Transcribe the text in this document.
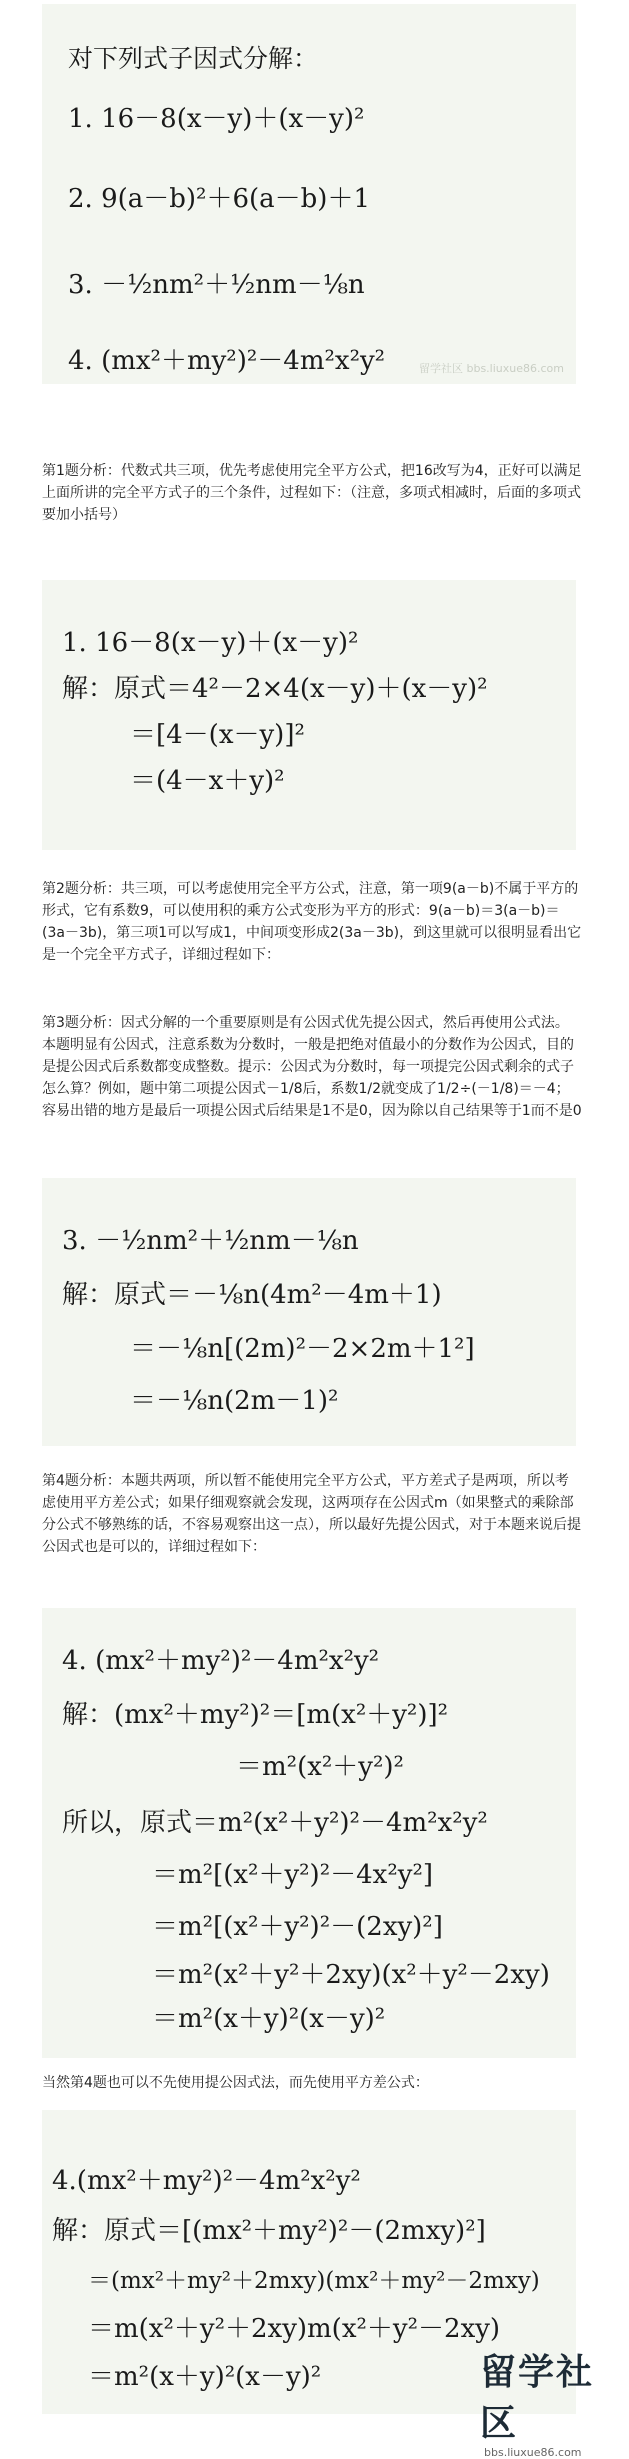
对下列式子因式分解：
1. 16－8(x－y)＋(x－y)²
2. 9(a－b)²＋6(a－b)＋1
3. －½nm²＋½nm－⅛n
4. (mx²＋my²)²－4m²x²y²	留学社区 bbs.liuxue86.com

第1题分析：代数式共三项，优先考虑使用完全平方公式，把16改写为4，正好可以满足上面所讲的完全平方式子的三个条件，过程如下：（注意，多项式相减时，后面的多项式要加小括号）

1. 16－8(x－y)＋(x－y)²
解：原式＝4²－2×4(x－y)＋(x－y)²
＝[4－(x－y)]²
＝(4－x＋y)²

第2题分析：共三项，可以考虑使用完全平方公式，注意，第一项9(a－b)不属于平方的形式，它有系数9，可以使用积的乘方公式变形为平方的形式：9(a－b)＝3(a－b)＝(3a－3b)，第三项1可以写成1，中间项变形成2(3a－3b)，到这里就可以很明显看出它是一个完全平方式子，详细过程如下：

第3题分析：因式分解的一个重要原则是有公因式优先提公因式，然后再使用公式法。本题明显有公因式，注意系数为分数时，一般是把绝对值最小的分数作为公因式，目的是提公因式后系数都变成整数。提示：公因式为分数时，每一项提完公因式剩余的式子怎么算？例如，题中第二项提公因式－1/8后，系数1/2就变成了1/2÷(－1/8)＝－4；容易出错的地方是最后一项提公因式后结果是1不是0，因为除以自己结果等于1而不是0

3. －½nm²＋½nm－⅛n
解：原式＝－⅛n(4m²－4m＋1)
＝－⅛n[(2m)²－2×2m＋1²]
＝－⅛n(2m－1)²

第4题分析：本题共两项，所以暂不能使用完全平方公式，平方差式子是两项，所以考虑使用平方差公式；如果仔细观察就会发现，这两项存在公因式m（如果整式的乘除部分公式不够熟练的话，不容易观察出这一点），所以最好先提公因式，对于本题来说后提公因式也是可以的，详细过程如下：

4. (mx²＋my²)²－4m²x²y²
解：(mx²＋my²)²＝[m(x²＋y²)]²
＝m²(x²＋y²)²
所以，原式＝m²(x²＋y²)²－4m²x²y²
＝m²[(x²＋y²)²－4x²y²]
＝m²[(x²＋y²)²－(2xy)²]
＝m²(x²＋y²＋2xy)(x²＋y²－2xy)
＝m²(x＋y)²(x－y)²

当然第4题也可以不先使用提公因式法，而先使用平方差公式：

4.(mx²＋my²)²－4m²x²y²
解：原式＝[(mx²＋my²)²－(2mxy)²]
＝(mx²＋my²＋2mxy)(mx²＋my²－2mxy)
＝m(x²＋y²＋2xy)m(x²＋y²－2xy)
＝m²(x＋y)²(x－y)²	留学社区
bbs.liuxue86.com
